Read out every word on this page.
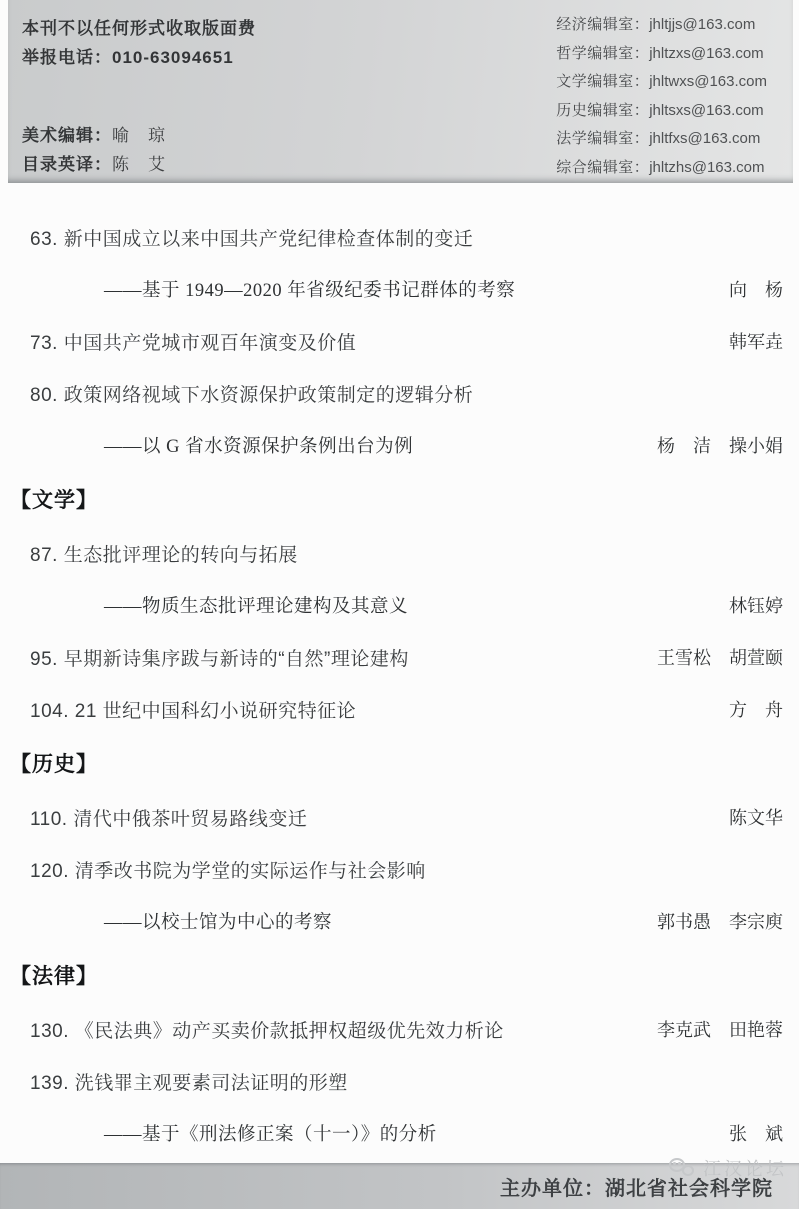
本刊不以任何形式收取版面费
举报电话：010-63094651
美术编辑：喻　琼
目录英译：陈　艾
经济编辑室：jhltjjs@163.com
哲学编辑室：jhltzxs@163.com
文学编辑室：jhltwxs@163.com
历史编辑室：jhltsxs@163.com
法学编辑室：jhltfxs@163.com
综合编辑室：jhltzhs@163.com
63. 新中国成立以来中国共产党纪律检查体制的变迁
——基于 1949—2020 年省级纪委书记群体的考察	向　杨
73. 中国共产党城市观百年演变及价值	韩军垚
80. 政策网络视域下水资源保护政策制定的逻辑分析
——以 G 省水资源保护条例出台为例	杨　洁　操小娟
【文学】
87. 生态批评理论的转向与拓展
——物质生态批评理论建构及其意义	林钰婷
95. 早期新诗集序跋与新诗的“自然”理论建构	王雪松　胡萱颐
104. 21 世纪中国科幻小说研究特征论	方　舟
【历史】
110. 清代中俄茶叶贸易路线变迁	陈文华
120. 清季改书院为学堂的实际运作与社会影响
——以校士馆为中心的考察	郭书愚　李宗庾
【法律】
130. 《民法典》动产买卖价款抵押权超级优先效力析论	李克武　田艳蓉
139. 洗钱罪主观要素司法证明的形塑
——基于《刑法修正案（十一）》的分析	张　斌
江汉论坛
主办单位：湖北省社会科学院
